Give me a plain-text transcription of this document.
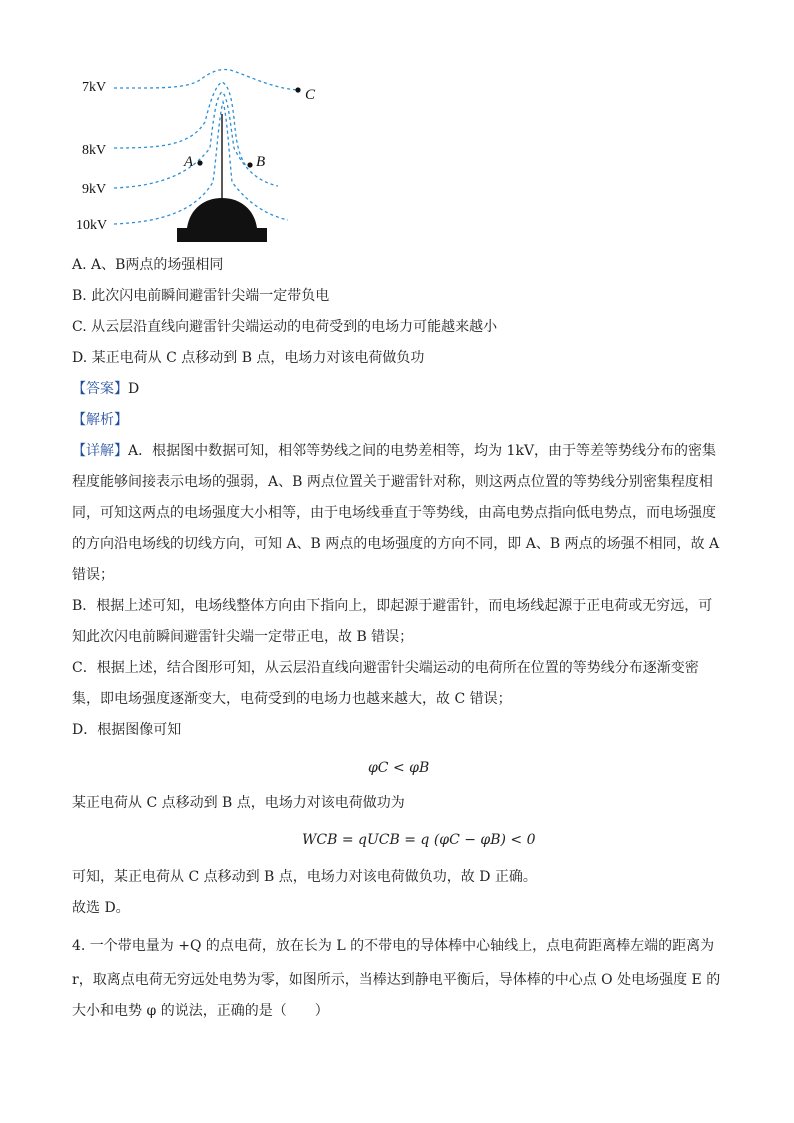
7kV
8kV
9kV
10kV
A	B
C
A. A、B两点的场强相同
B. 此次闪电前瞬间避雷针尖端一定带负电
C. 从云层沿直线向避雷针尖端运动的电荷受到的电场力可能越来越小
D. 某正电荷从 C 点移动到 B 点，电场力对该电荷做负功
【答案】D
【解析】
【详解】A．根据图中数据可知，相邻等势线之间的电势差相等，均为 1kV，由于等差等势线分布的密集
程度能够间接表示电场的强弱，A、B 两点位置关于避雷针对称，则这两点位置的等势线分别密集程度相
同，可知这两点的电场强度大小相等，由于电场线垂直于等势线，由高电势点指向低电势点，而电场强度
的方向沿电场线的切线方向，可知 A、B 两点的电场强度的方向不同，即 A、B 两点的场强不相同，故 A
错误；
B．根据上述可知，电场线整体方向由下指向上，即起源于避雷针，而电场线起源于正电荷或无穷远，可
知此次闪电前瞬间避雷针尖端一定带正电，故 B 错误；
C．根据上述，结合图形可知，从云层沿直线向避雷针尖端运动的电荷所在位置的等势线分布逐渐变密
集，即电场强度逐渐变大，电荷受到的电场力也越来越大，故 C 错误；
D．根据图像可知
φC < φB
某正电荷从 C 点移动到 B 点，电场力对该电荷做功为
WCB = qUCB = q (φC − φB) < 0
可知，某正电荷从 C 点移动到 B 点，电场力对该电荷做负功，故 D 正确。
故选 D。
4. 一个带电量为 +Q 的点电荷，放在长为 L 的不带电的导体棒中心轴线上，点电荷距离棒左端的距离为
r，取离点电荷无穷远处电势为零，如图所示，当棒达到静电平衡后，导体棒的中心点 O 处电场强度 E 的
大小和电势 φ 的说法，正确的是（　　）
